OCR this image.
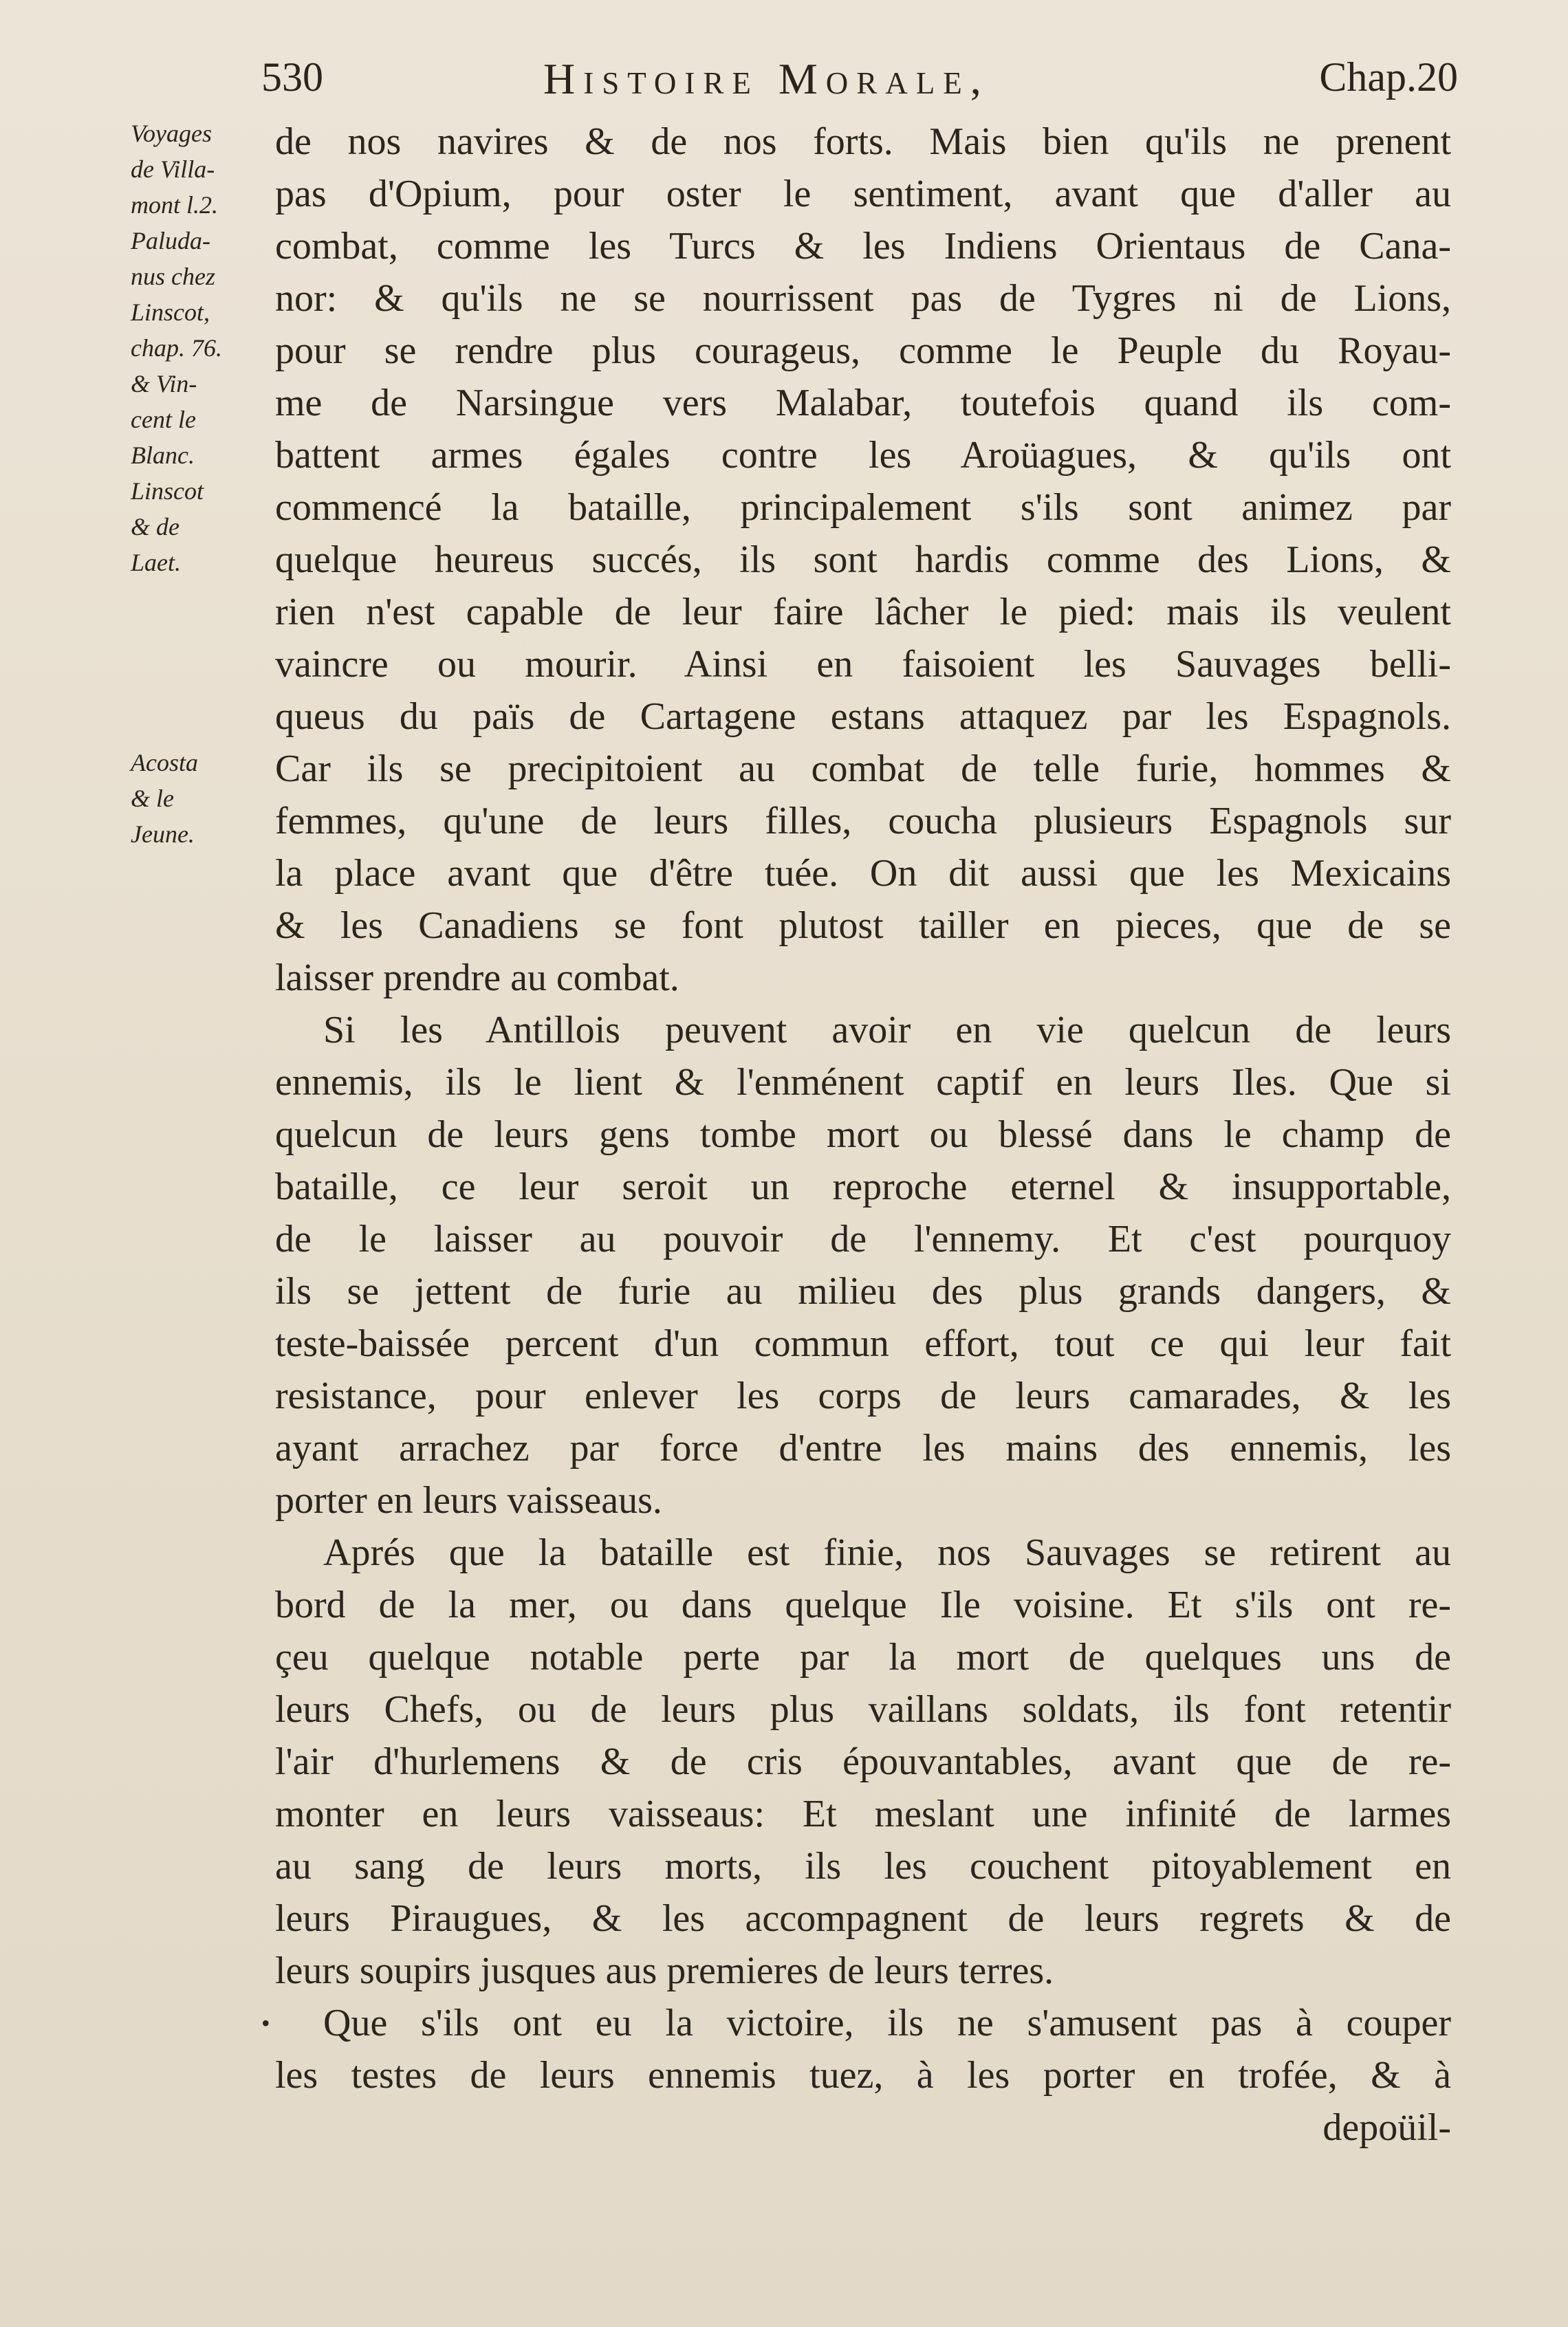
530	Histoire Morale,	Chap.20
Voyages
de Villa-
mont l.2.
Paluda-
nus chez
Linscot,
chap. 76.
& Vin-
cent le
Blanc.
Linscot
& de
Laet.
Acosta
& le
Jeune.
de nos navires & de nos forts. Mais bien qu'ils ne prenent
pas d'Opium, pour oster le sentiment, avant que d'aller au
combat, comme les Turcs & les Indiens Orientaus de Cana-
nor: & qu'ils ne se nourrissent pas de Tygres ni de Lions,
pour se rendre plus courageus, comme le Peuple du Royau-
me de Narsingue vers Malabar, toutefois quand ils com-
battent armes égales contre les Aroüagues, & qu'ils ont
commencé la bataille, principalement s'ils sont animez par
quelque heureus succés, ils sont hardis comme des Lions, &
rien n'est capable de leur faire lâcher le pied: mais ils veulent
vaincre ou mourir. Ainsi en faisoient les Sauvages belli-
queus du païs de Cartagene estans attaquez par les Espagnols.
Car ils se precipitoient au combat de telle furie, hommes &
femmes, qu'une de leurs filles, coucha plusieurs Espagnols sur
la place avant que d'être tuée. On dit aussi que les Mexicains
& les Canadiens se font plutost tailler en pieces, que de se
laisser prendre au combat.
Si les Antillois peuvent avoir en vie quelcun de leurs
ennemis, ils le lient & l'enménent captif en leurs Iles. Que si
quelcun de leurs gens tombe mort ou blessé dans le champ de
bataille, ce leur seroit un reproche eternel & insupportable,
de le laisser au pouvoir de l'ennemy. Et c'est pourquoy
ils se jettent de furie au milieu des plus grands dangers, &
teste-baissée percent d'un commun effort, tout ce qui leur fait
resistance, pour enlever les corps de leurs camarades, & les
ayant arrachez par force d'entre les mains des ennemis, les
porter en leurs vaisseaus.
Aprés que la bataille est finie, nos Sauvages se retirent au
bord de la mer, ou dans quelque Ile voisine. Et s'ils ont re-
çeu quelque notable perte par la mort de quelques uns de
leurs Chefs, ou de leurs plus vaillans soldats, ils font retentir
l'air d'hurlemens & de cris épouvantables, avant que de re-
monter en leurs vaisseaus: Et meslant une infinité de larmes
au sang de leurs morts, ils les couchent pitoyablement en
leurs Piraugues, & les accompagnent de leurs regrets & de
leurs soupirs jusques aus premieres de leurs terres.
• Que s'ils ont eu la victoire, ils ne s'amusent pas à couper
les testes de leurs ennemis tuez, à les porter en trofée, & à
depoüil-
